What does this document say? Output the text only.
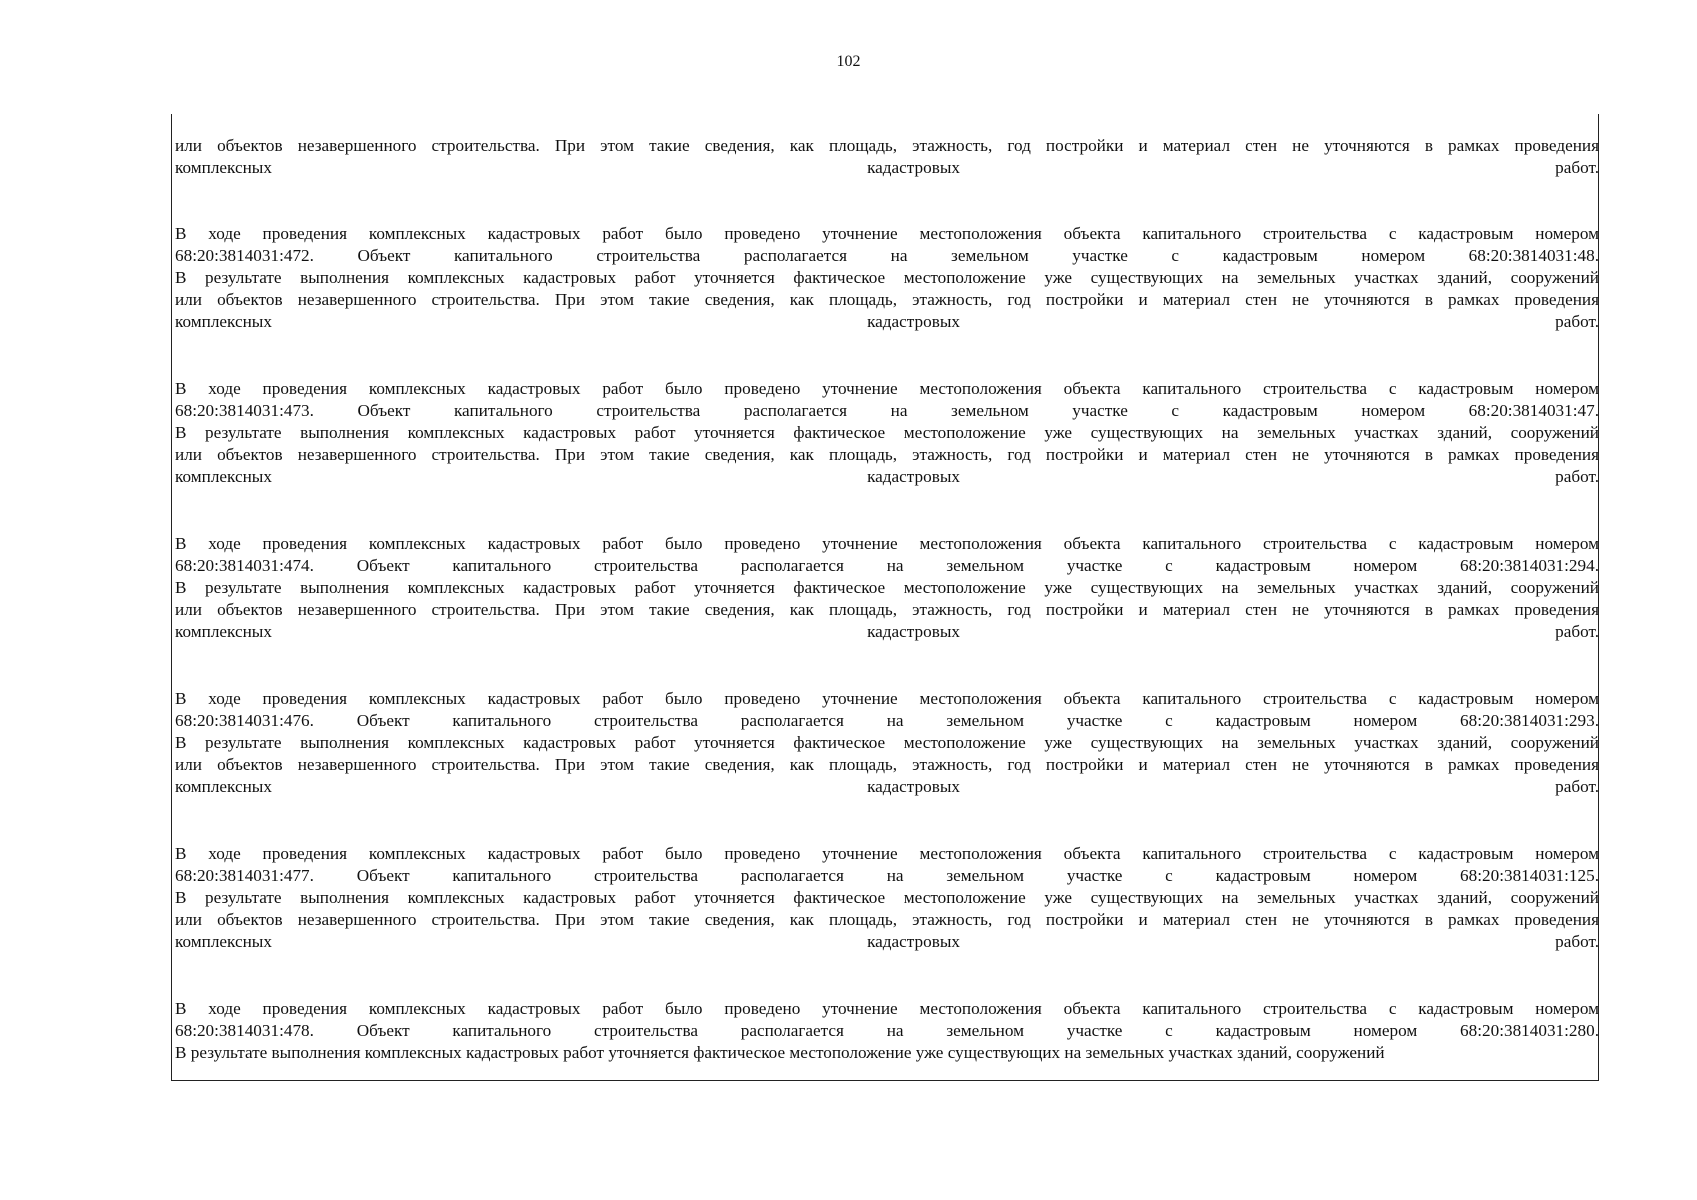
102
или объектов незавершенного строительства. При этом такие сведения, как площадь, этажность, год постройки и материал стен не уточняются в рамках проведения
комплексных кадастровых работ.
В ходе проведения комплексных кадастровых работ было проведено уточнение местоположения объекта капитального строительства с кадастровым номером
68:20:3814031:472. Объект капитального строительства располагается на земельном участке с кадастровым номером 68:20:3814031:48.
В результате выполнения комплексных кадастровых работ уточняется фактическое местоположение уже существующих на земельных участках зданий, сооружений
или объектов незавершенного строительства. При этом такие сведения, как площадь, этажность, год постройки и материал стен не уточняются в рамках проведения
комплексных кадастровых работ.
В ходе проведения комплексных кадастровых работ было проведено уточнение местоположения объекта капитального строительства с кадастровым номером
68:20:3814031:473. Объект капитального строительства располагается на земельном участке с кадастровым номером 68:20:3814031:47.
В результате выполнения комплексных кадастровых работ уточняется фактическое местоположение уже существующих на земельных участках зданий, сооружений
или объектов незавершенного строительства. При этом такие сведения, как площадь, этажность, год постройки и материал стен не уточняются в рамках проведения
комплексных кадастровых работ.
В ходе проведения комплексных кадастровых работ было проведено уточнение местоположения объекта капитального строительства с кадастровым номером
68:20:3814031:474. Объект капитального строительства располагается на земельном участке с кадастровым номером 68:20:3814031:294.
В результате выполнения комплексных кадастровых работ уточняется фактическое местоположение уже существующих на земельных участках зданий, сооружений
или объектов незавершенного строительства. При этом такие сведения, как площадь, этажность, год постройки и материал стен не уточняются в рамках проведения
комплексных кадастровых работ.
В ходе проведения комплексных кадастровых работ было проведено уточнение местоположения объекта капитального строительства с кадастровым номером
68:20:3814031:476. Объект капитального строительства располагается на земельном участке с кадастровым номером 68:20:3814031:293.
В результате выполнения комплексных кадастровых работ уточняется фактическое местоположение уже существующих на земельных участках зданий, сооружений
или объектов незавершенного строительства. При этом такие сведения, как площадь, этажность, год постройки и материал стен не уточняются в рамках проведения
комплексных кадастровых работ.
В ходе проведения комплексных кадастровых работ было проведено уточнение местоположения объекта капитального строительства с кадастровым номером
68:20:3814031:477. Объект капитального строительства располагается на земельном участке с кадастровым номером 68:20:3814031:125.
В результате выполнения комплексных кадастровых работ уточняется фактическое местоположение уже существующих на земельных участках зданий, сооружений
или объектов незавершенного строительства. При этом такие сведения, как площадь, этажность, год постройки и материал стен не уточняются в рамках проведения
комплексных кадастровых работ.
В ходе проведения комплексных кадастровых работ было проведено уточнение местоположения объекта капитального строительства с кадастровым номером
68:20:3814031:478. Объект капитального строительства располагается на земельном участке с кадастровым номером 68:20:3814031:280.
В результате выполнения комплексных кадастровых работ уточняется фактическое местоположение уже существующих на земельных участках зданий, сооружений
